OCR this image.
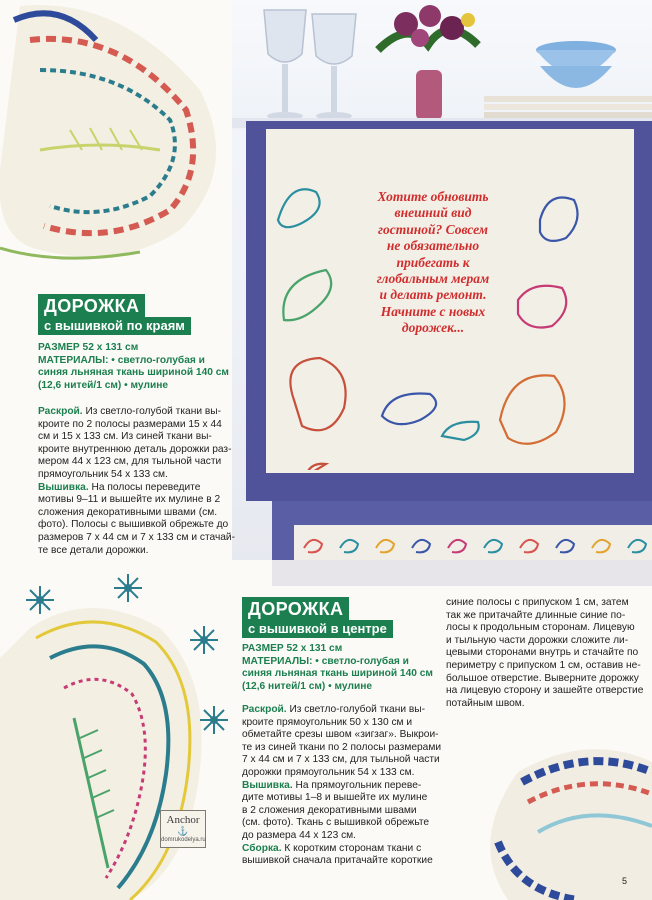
Хотите обновить
внешний вид
гостиной? Совсем
не обязательно
прибегать к
глобальным мерам
и делать ремонт.
Начните с новых
дорожек...
ДОРОЖКА
с вышивкой по краям
РАЗМЕР 52 х 131 см
МАТЕРИАЛЫ: • светло-голубая и
синяя льняная ткань шириной 140 см
(12,6 нитей/1 см) • мулине
Раскрой. Из светло-голубой ткани вы-
кроите по 2 полосы размерами 15 х 44
см и 15 х 133 см. Из синей ткани вы-
кроите внутреннюю деталь дорожки раз-
мером 44 х 123 см, для тыльной части
прямоугольник 54 х 133 см.
Вышивка. На полосы переведите
мотивы 9–11 и вышейте их мулине в 2
сложения декоративными швами (см.
фото). Полосы с вышивкой обрежьте до
размеров 7 х 44 см и 7 х 133 см и стачай-
те все детали дорожки.
ДОРОЖКА
с вышивкой в центре
РАЗМЕР 52 х 131 см
МАТЕРИАЛЫ: • светло-голубая и
синяя льняная ткань шириной 140 см
(12,6 нитей/1 см) • мулине
Раскрой. Из светло-голубой ткани вы-
кроите прямоугольник 50 х 130 см и
обметайте срезы швом «зигзаг». Выкрои-
те из синей ткани по 2 полосы размерами
7 х 44 см и 7 х 133 см, для тыльной части
дорожки прямоугольник 54 х 133 см.
Вышивка. На прямоугольник переве-
дите мотивы 1–8 и вышейте их мулине
в 2 сложения декоративными швами
(см. фото). Ткань с вышивкой обрежьте
до размера 44 х 123 см.
Сборка. К коротким сторонам ткани с
вышивкой сначала притачайте короткие
синие полосы с припуском 1 см, затем
так же притачайте длинные синие по-
лосы к продольным сторонам. Лицевую
и тыльную части дорожки сложите ли-
цевыми сторонами внутрь и стачайте по
периметру с припуском 1 см, оставив не-
большое отверстие. Выверните дорожку
на лицевую сторону и зашейте отверстие
потайным швом.
Anchor
⚓
domrukodelya.ru
5
